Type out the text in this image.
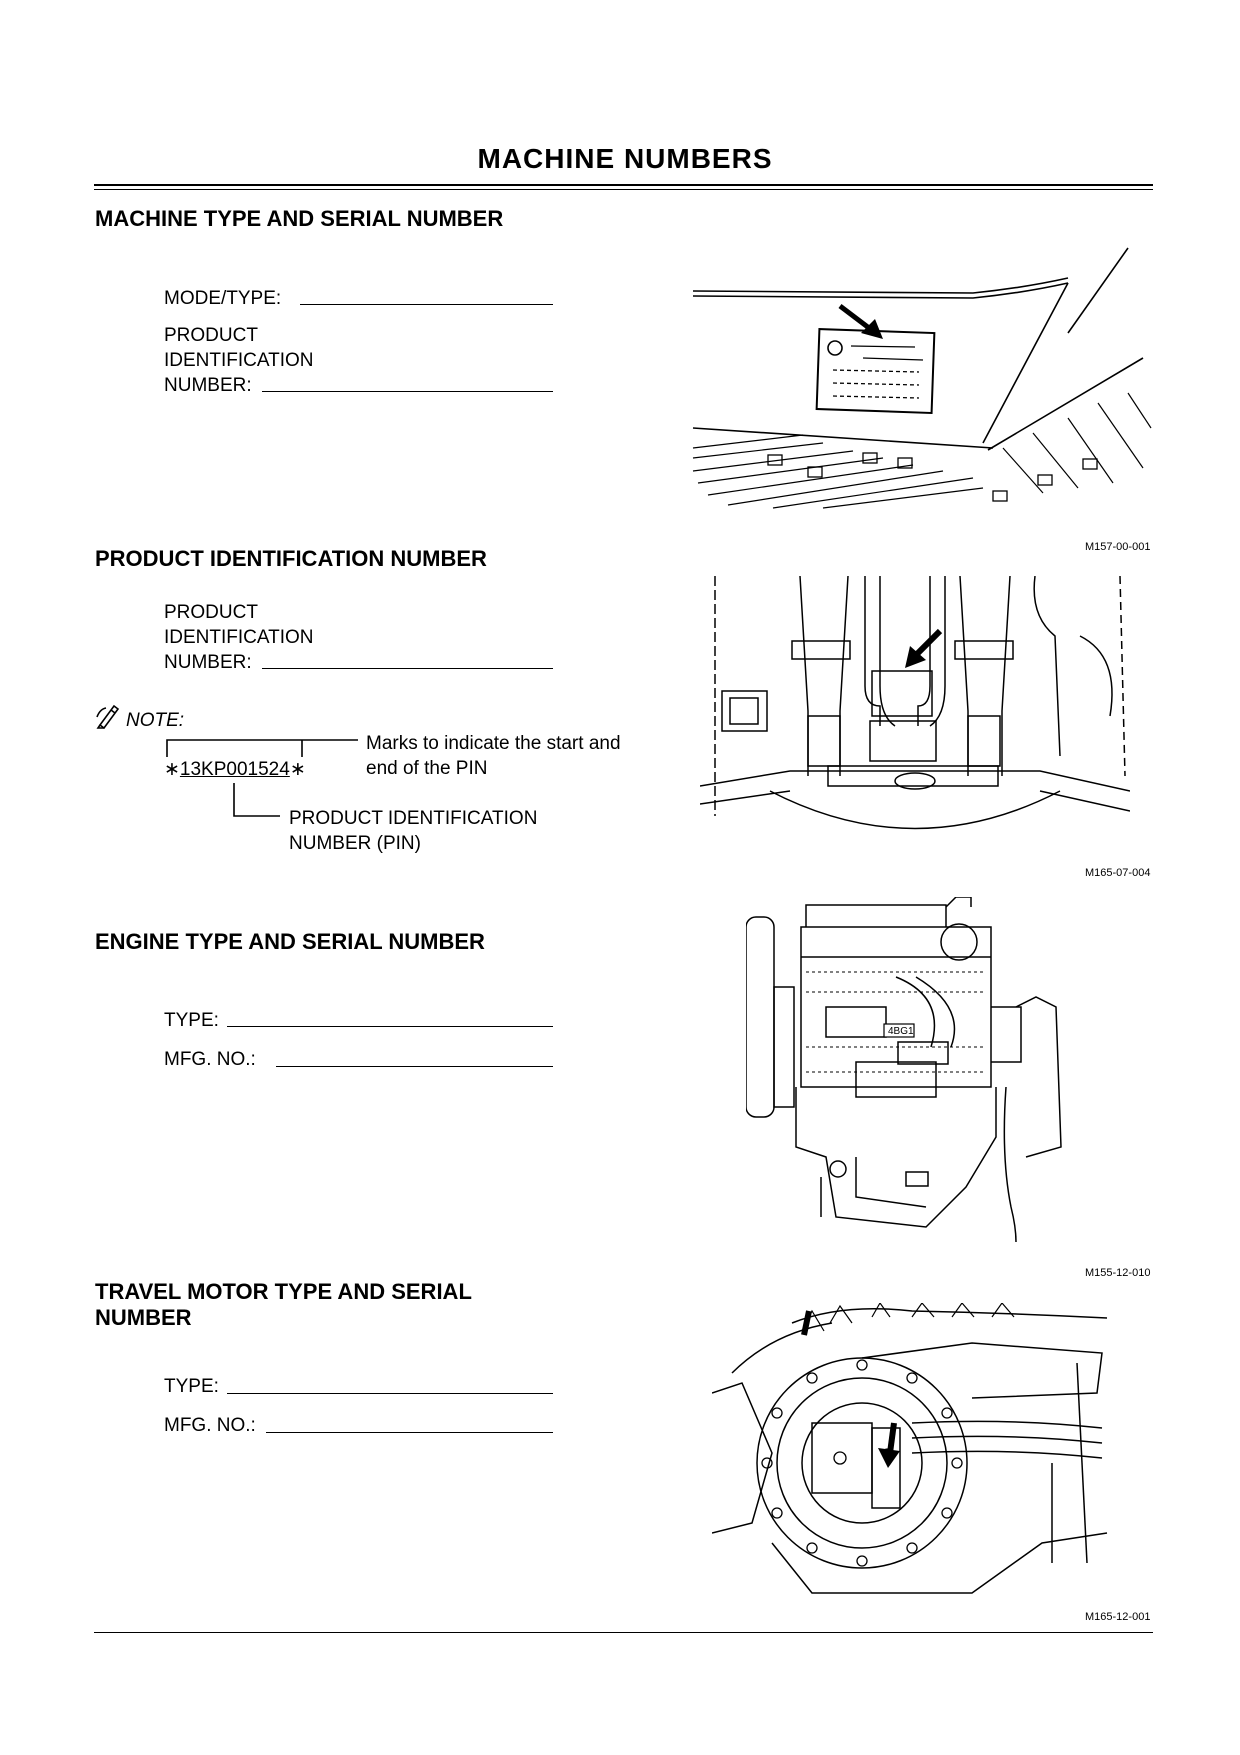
MACHINE NUMBERS
MACHINE TYPE AND SERIAL NUMBER
MODE/TYPE:
PRODUCT
IDENTIFICATION
NUMBER:
M157-00-001
PRODUCT IDENTIFICATION NUMBER
PRODUCT
IDENTIFICATION
NUMBER:
NOTE:
∗13KP001524∗
Marks to indicate the start and
end of the PIN
PRODUCT IDENTIFICATION
NUMBER (PIN)
M165-07-004
ENGINE TYPE AND SERIAL NUMBER
TYPE:
MFG. NO.:
4BG1
M155-12-010
TRAVEL MOTOR TYPE AND SERIAL
NUMBER
TYPE:
MFG. NO.:
M165-12-001
